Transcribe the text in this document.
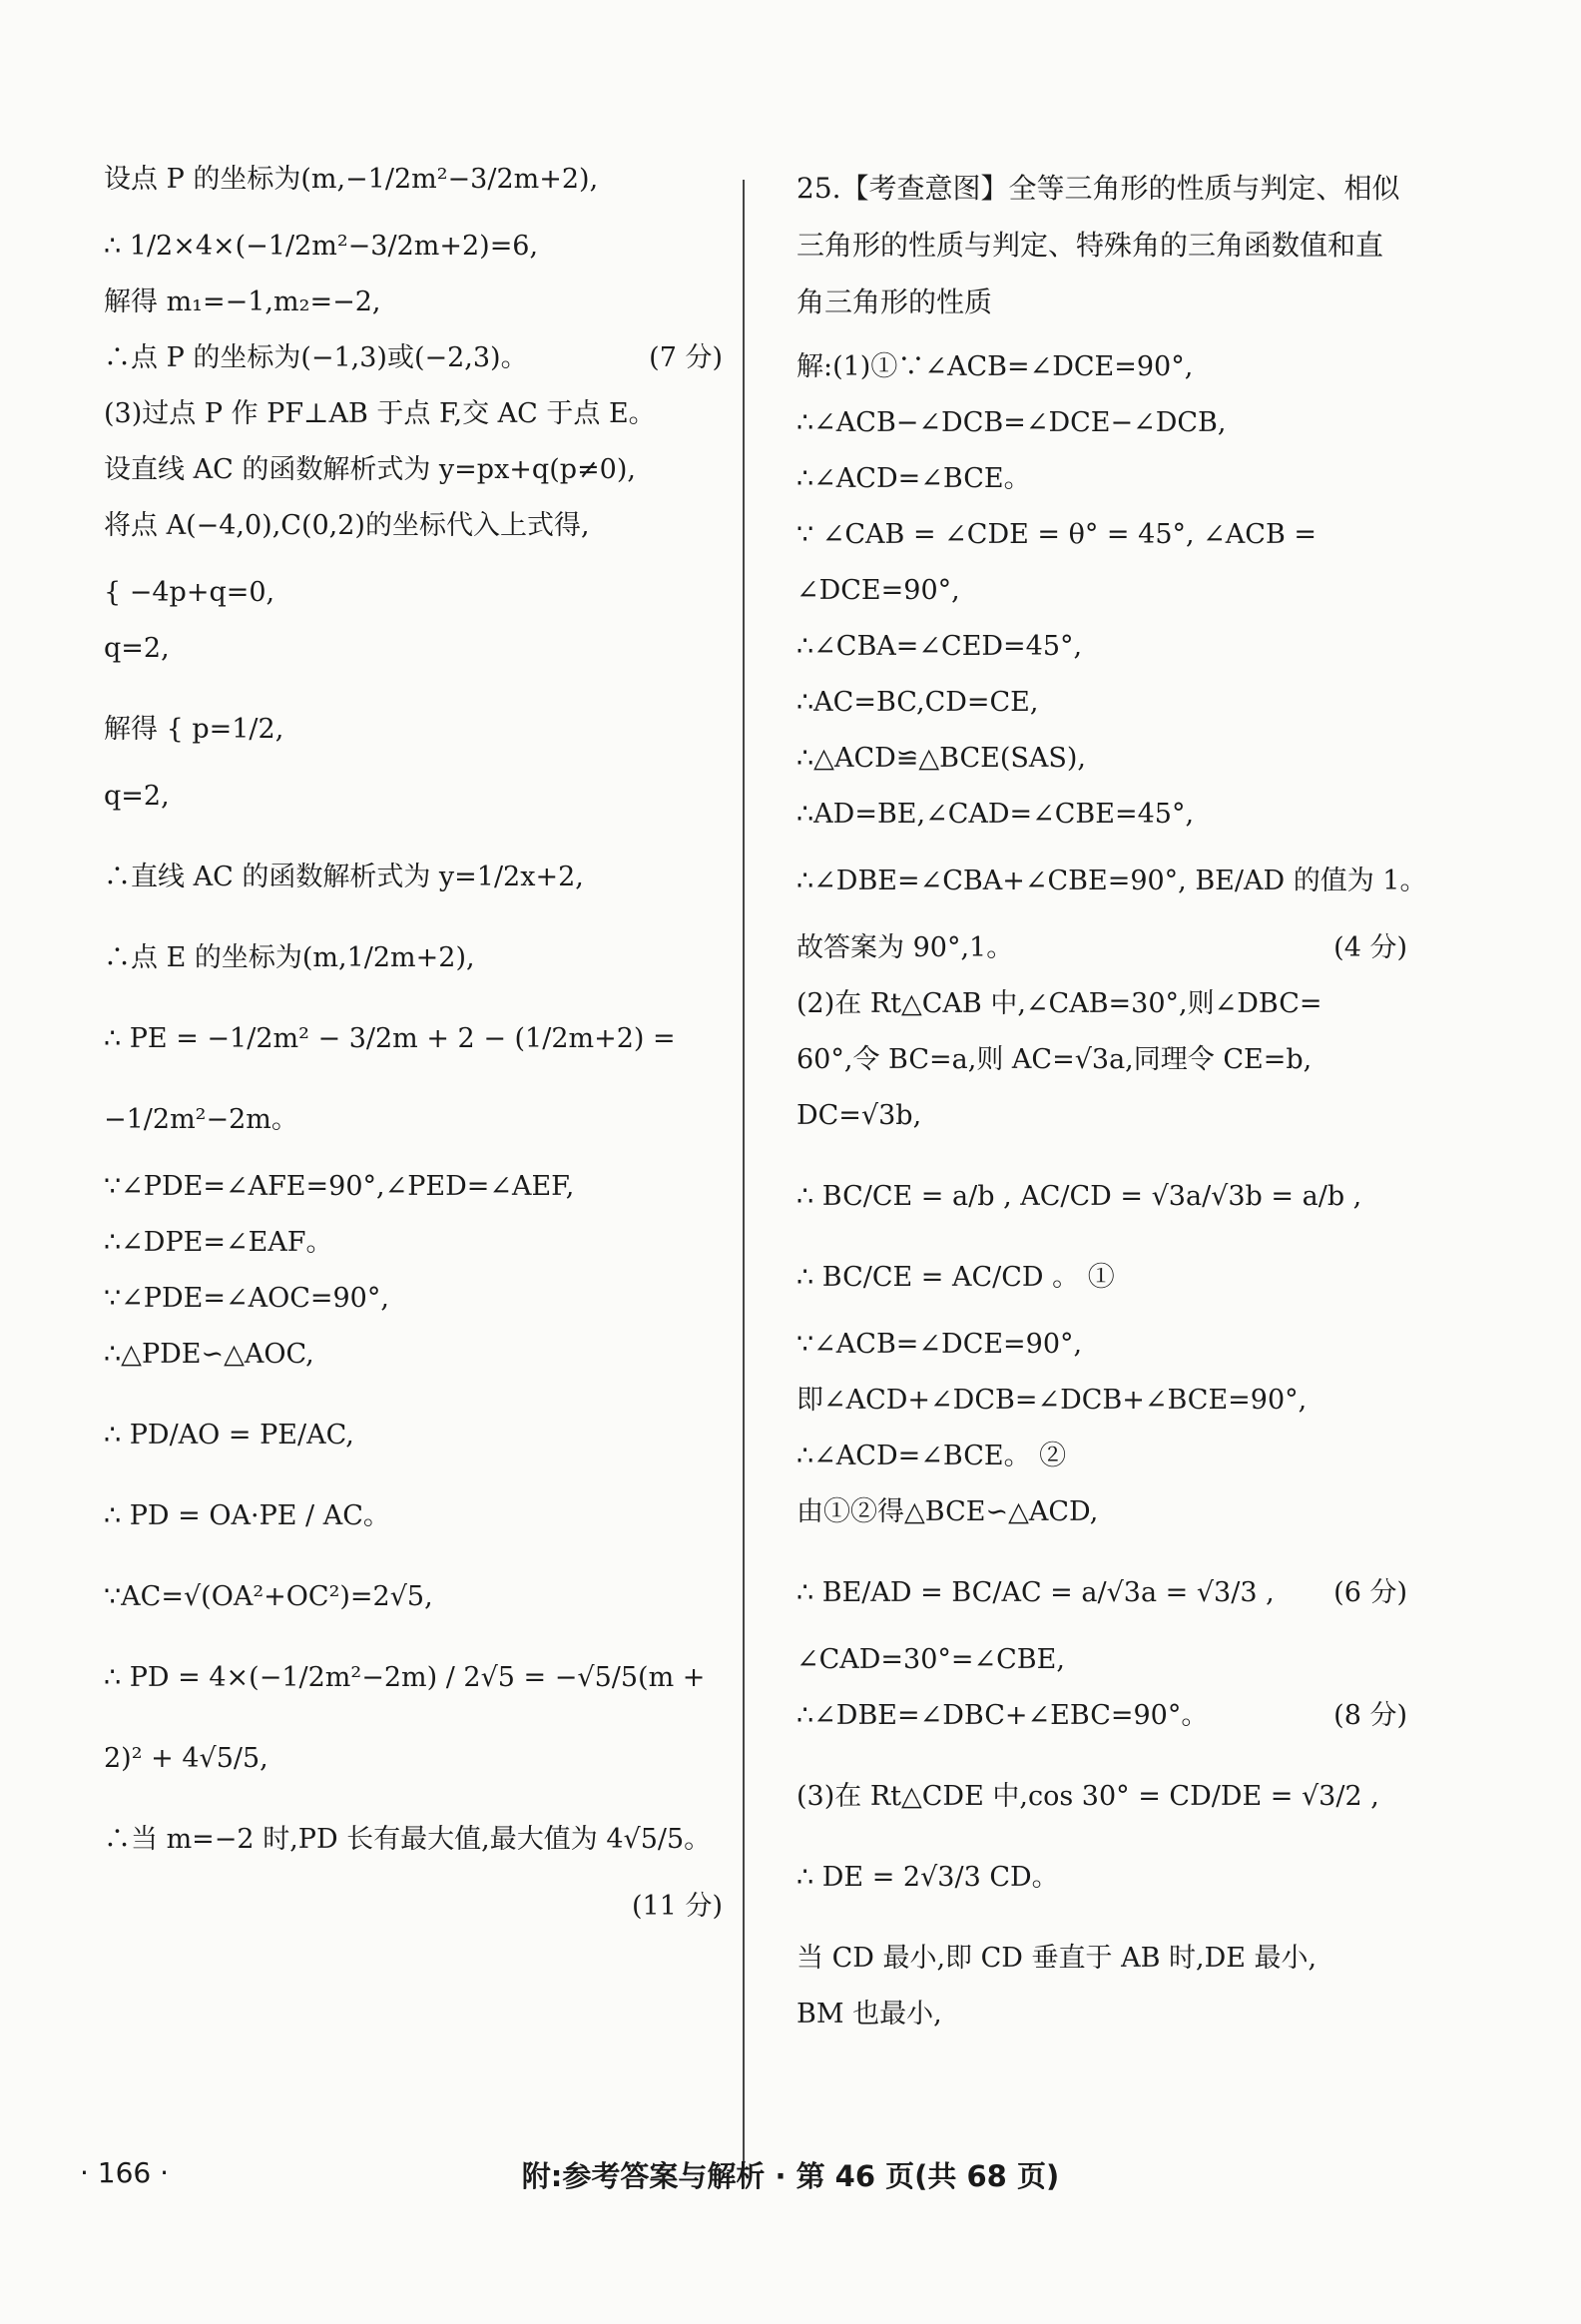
设点 P 的坐标为(m,−1/2m²−3/2m+2),
∴ 1/2×4×(−1/2m²−3/2m+2)=6,
解得 m₁=−1,m₂=−2,
∴点 P 的坐标为(−1,3)或(−2,3)。	(7 分)
(3)过点 P 作 PF⊥AB 于点 F,交 AC 于点 E。
设直线 AC 的函数解析式为 y=px+q(p≠0),
将点 A(−4,0),C(0,2)的坐标代入上式得,
{ −4p+q=0,
q=2,
解得 { p=1/2,
q=2,
∴直线 AC 的函数解析式为 y=1/2x+2,
∴点 E 的坐标为(m,1/2m+2),
∴ PE = −1/2m² − 3/2m + 2 − (1/2m+2) =
−1/2m²−2m。
∵∠PDE=∠AFE=90°,∠PED=∠AEF,
∴∠DPE=∠EAF。
∵∠PDE=∠AOC=90°,
∴△PDE∽△AOC,
∴ PD/AO = PE/AC,
∴ PD = OA·PE / AC。
∵AC=√(OA²+OC²)=2√5,
∴ PD = 4×(−1/2m²−2m) / 2√5 = −√5/5(m +
2)² + 4√5/5,
∴当 m=−2 时,PD 长有最大值,最大值为 4√5/5。
(11 分)
25.【考查意图】全等三角形的性质与判定、相似三角形的性质与判定、特殊角的三角函数值和直角三角形的性质
解:(1)①∵∠ACB=∠DCE=90°,
∴∠ACB−∠DCB=∠DCE−∠DCB,
∴∠ACD=∠BCE。
∵ ∠CAB = ∠CDE = θ° = 45°, ∠ACB =
∠DCE=90°,
∴∠CBA=∠CED=45°,
∴AC=BC,CD=CE,
∴△ACD≌△BCE(SAS),
∴AD=BE,∠CAD=∠CBE=45°,
∴∠DBE=∠CBA+∠CBE=90°, BE/AD 的值为 1。
故答案为 90°,1。	(4 分)
(2)在 Rt△CAB 中,∠CAB=30°,则∠DBC=
60°,令 BC=a,则 AC=√3a,同理令 CE=b,
DC=√3b,
∴ BC/CE = a/b , AC/CD = √3a/√3b = a/b ,
∴ BC/CE = AC/CD 。 ①
∵∠ACB=∠DCE=90°,
即∠ACD+∠DCB=∠DCB+∠BCE=90°,
∴∠ACD=∠BCE。 ②
由①②得△BCE∽△ACD,
∴ BE/AD = BC/AC = a/√3a = √3/3 , (6 分)
∠CAD=30°=∠CBE,
∴∠DBE=∠DBC+∠EBC=90°。	(8 分)
(3)在 Rt△CDE 中,cos 30° = CD/DE = √3/2 ,
∴ DE = 2√3/3 CD。
当 CD 最小,即 CD 垂直于 AB 时,DE 最小,
BM 也最小,
· 166 ·	附:参考答案与解析 · 第 46 页(共 68 页)
